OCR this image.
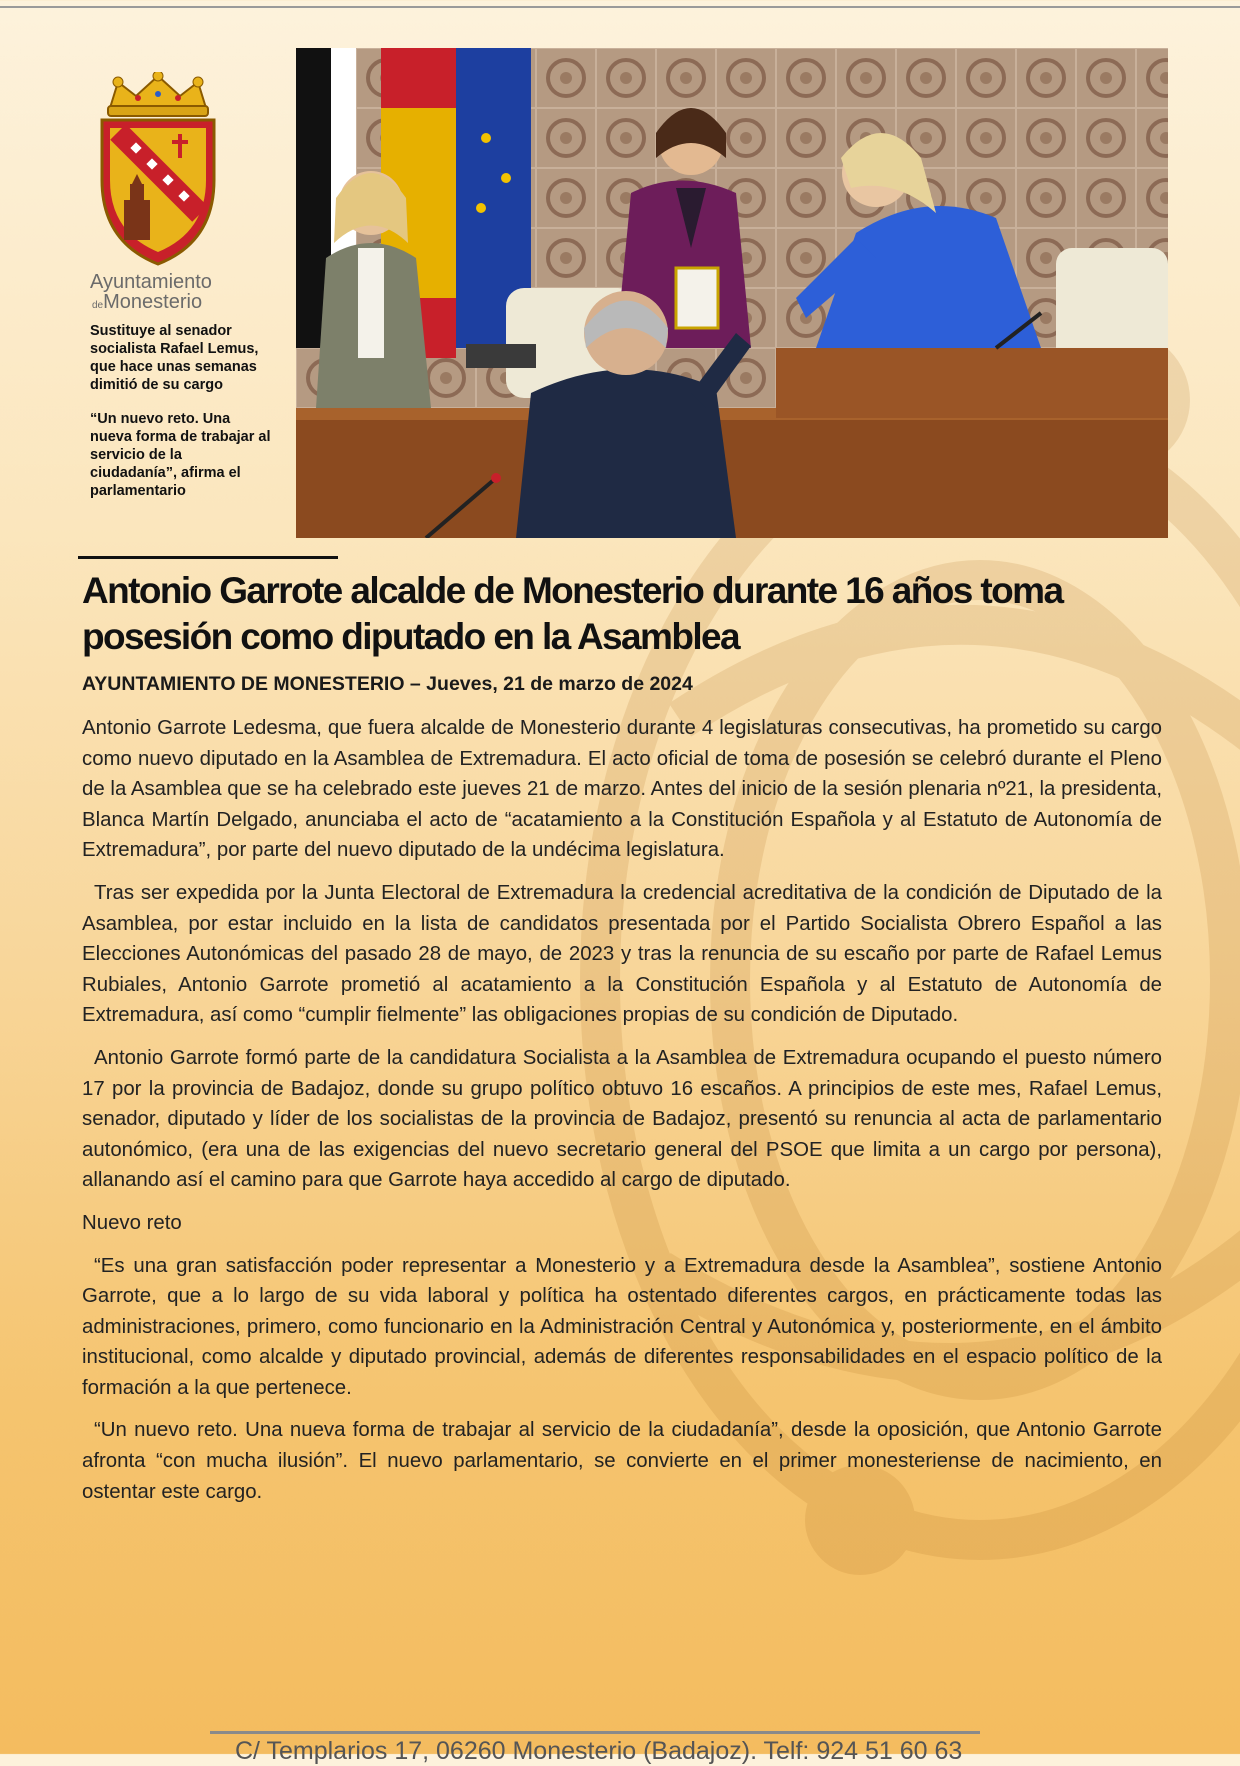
Ayuntamiento
deMonesterio

Sustituye al senador socialista Rafael Lemus, que hace unas semanas dimitió de su cargo

“Un nuevo reto. Una nueva forma de trabajar al servicio de la ciudadanía”, afirma el parlamentario

Antonio Garrote alcalde de Monesterio durante 16 años toma posesión como diputado en la Asamblea

AYUNTAMIENTO DE MONESTERIO – Jueves, 21 de marzo de 2024

Antonio Garrote Ledesma, que fuera alcalde de Monesterio durante 4 legislaturas consecutivas, ha prometido su cargo como nuevo diputado en la Asamblea de Extremadura. El acto oficial de toma de posesión se celebró durante el Pleno de la Asamblea que se ha celebrado este jueves 21 de marzo. Antes del inicio de la sesión plenaria nº21, la presidenta, Blanca Martín Delgado, anunciaba el acto de “acatamiento a la Constitución Española y al Estatuto de Autonomía de Extremadura”, por parte del nuevo diputado de la undécima legislatura.

Tras ser expedida por la Junta Electoral de Extremadura la credencial acreditativa de la condición de Diputado de la Asamblea, por estar incluido en la lista de candidatos presentada por el Partido Socialista Obrero Español a las Elecciones Autonómicas del pasado 28 de mayo, de 2023 y tras la renuncia de su escaño por parte de Rafael Lemus Rubiales, Antonio Garrote prometió al acatamiento a la Constitución Española y al Estatuto de Autonomía de Extremadura, así como “cumplir fielmente” las obligaciones propias de su condición de Diputado.

Antonio Garrote formó parte de la candidatura Socialista a la Asamblea de Extremadura ocupando el puesto número 17 por la provincia de Badajoz, donde su grupo político obtuvo 16 escaños. A principios de este mes, Rafael Lemus, senador, diputado y líder de los socialistas de la provincia de Badajoz, presentó su renuncia al acta de parlamentario autonómico, (era una de las exigencias del nuevo secretario general del PSOE que limita a un cargo por persona), allanando así el camino para que Garrote haya accedido al cargo de diputado.

Nuevo reto

“Es una gran satisfacción poder representar a Monesterio y a Extremadura desde la Asamblea”, sostiene Antonio Garrote, que a lo largo de su vida laboral y política ha ostentado diferentes cargos, en prácticamente todas las administraciones, primero, como funcionario en la Administración Central y Autonómica y, posteriormente, en el ámbito institucional, como alcalde y diputado provincial, además de diferentes responsabilidades en el espacio político de la formación a la que pertenece.

“Un nuevo reto. Una nueva forma de trabajar al servicio de la ciudadanía”, desde la oposición, que Antonio Garrote afronta “con mucha ilusión”. El nuevo parlamentario, se convierte en el primer monesteriense de nacimiento, en ostentar este cargo.

C/ Templarios 17, 06260 Monesterio (Badajoz). Telf: 924 51 60 63
